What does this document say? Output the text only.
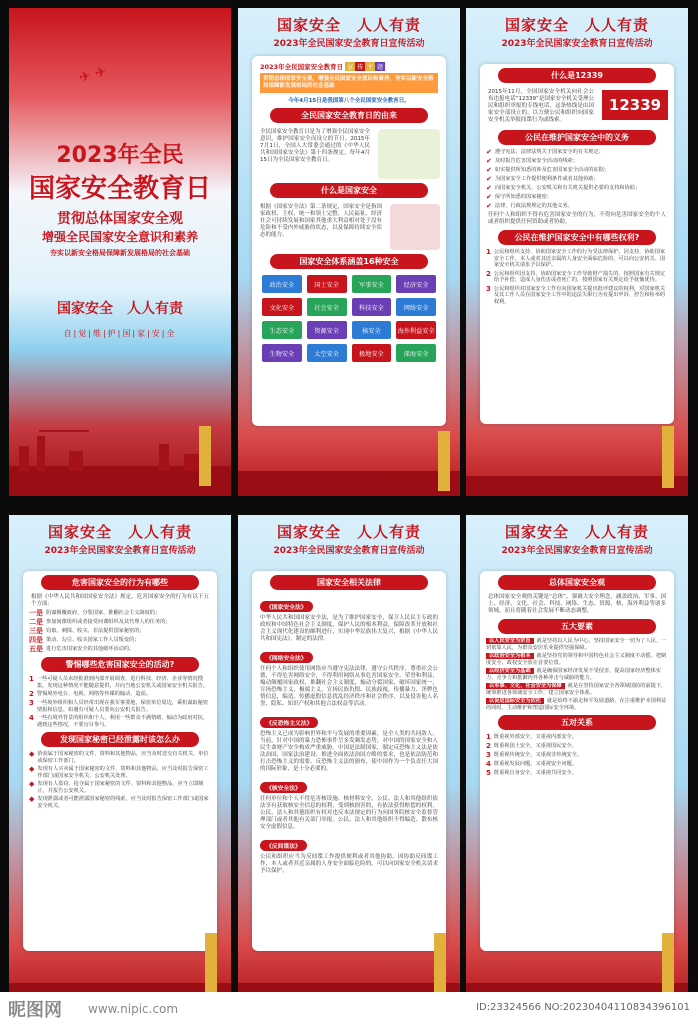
✈ ✈
2023年全民
国家安全教育日
贯彻总体国家安全观
增强全民国家安全意识和素养
夯实以新安全格局保障新发展格局的社会基础
国家安全　人人有责
自|觉|维|护|国|家|安|全
国家安全　人人有责
2023年全民国家安全教育日宣传活动
2023年全民国家安全教育日 宣 传 主 题
贯彻总体国家安全观，增强全民国家安全意识和素养，夯实以新安全格局保障新发展格局的社会基础
今年4月15日是我国第八个全民国家安全教育日。
全民国家安全教育日的由来
全民国家安全教育日是为了增强全民国家安全意识，维护国家安全而设立的节日。2015年7月1日，全国人大常委会通过的《中华人民共和国国家安全法》第十四条规定，每年4月15日为全民国家安全教育日。
什么是国家安全
根据《国家安全法》第二条规定，国家安全是指国家政权、主权、统一和领土完整、人民福祉、经济社会可持续发展和国家其他重大利益相对处于没有危险和不受内外威胁的状态，以及保障持续安全状态的能力。
国家安全体系涵盖16种安全
政治安全	国土安全	军事安全	经济安全
文化安全	社会安全	科技安全	网络安全
生态安全	资源安全	核安全	海外利益安全
生物安全	太空安全	极地安全	深海安全
国家安全　人人有责
2023年全民国家安全教育日宣传活动
什么是12339
2015年11月，全国国家安全机关向社会公布违报电话“12339”是国家安全机关受理公民和组织举报的专线电话，这条热线是由国家安全部设立的，以方便公民和组织向国家安全机关举报间谍行为或线索。
12339
公民在维护国家安全中的义务
✔ 遵守宪法、法律法规关于国家安全的有关规定；
✔ 及时报告危害国家安全活动的线索；
✔ 如实提供所知悉的涉及危害国家安全活动的证据；
✔ 为国家安全工作提供便利条件或者其他协助；
✔ 向国家安全机关、公安机关和有关机关提供必要的支持和协助；
✔ 保守所知悉的国家秘密；
✔ 法律、行政法规规定的其他义务。
任何个人和组织不得有危害国家安全的行为，不得向危害国家安全的个人或者组织提供任何资助或者协助。
公民在维护国家安全中有哪些权利?
1 公民和组织支持、协助国家安全工作的行为受法律保护。因支持、协助国家安全工作，本人或者其近亲属的人身安全面临危险的，可以向公安机关、国家安全机关请求予以保护。
2 公民和组织因支持、协助国家安全工作导致财产损失的，按照国家有关规定给予补偿；造成人身伤害或者死亡的，按照国家有关规定给予抚恤优待。
3 公民和组织对国家安全工作有向国家机关提出批评建议的权利，对国家机关及其工作人员在国家安全工作中的违法失职行为有提出申诉、控告和检举的权利。
国家安全　人人有责
2023年全民国家安全教育日宣传活动
危害国家安全的行为有哪些
根据《中华人民共和国国家安全法》规定，危害国家安全的行为有以下五个方面：
一是 阴谋颠覆政府、分裂国家、推翻社会主义制度的；
二是 参加间谍组织或者接受间谍组织及其代理人的任务的；
三是 窃取、刺探、收买、非法提供国家秘密的；
四是 策动、勾引、收买国家工作人员叛变的；
五是 进行危害国家安全的其他破坏活动的。
警惕哪些危害国家安全的活动?
1 一些可疑人员未经批准到内部开展调查，进行科技、经济、企业等情况搜集。发现这种情况不能随意提供，并向当地公安机关或国家安全机关报告。
2 警惕境外电台、电视、网络等传媒的煽动、造谣。
3 一些境外组织和人员经常出现在我军事要地，保密单位周边，乘机谋取秘密情报和信息。如遇有可疑人员要向公安机关报告。
4 一些有境外背景的组织和个人，利用一些群众不满情绪，煽动为政府对抗，遇到这些情况，不要盲目参与。
发现国家秘密已经泄露时该怎么办
◆ 拾获属于国家秘密的文件、资料和其他物品，应当及时送交有关机关、单位或保密工作部门。
◆ 发现有人买卖属于国家秘密的文件、资料和其他物品，应当及时报告保密工作部门或国家安全机关、公安机关处理。
◆ 发现有人盗窃、抢夺属于国家秘密的文件、资料和其他物品，应当立即制止，并报告公安机关。
◆ 发现泄露或者可能泄露国家秘密的线索，应当及时报告保密工作部门或国家安全机关。
国家安全　人人有责
2023年全民国家安全教育日宣传活动
国家安全相关法律
《国家安全法》
中华人民共和国国家安全法，是为了维护国家安全，保卫人民民主专政的政权和中国特色社会主义制度，保护人民的根本利益，保障改革开放和社会主义现代化建设的顺利进行，实现中华民族伟大复兴，根据《中华人民共和国宪法》，制定的法律。
《网络安全法》
任何个人和组织使用网络应当遵守宪法法律，遵守公共秩序，尊重社会公德，不得危害网络安全，不得利用网络从事危害国家安全、荣誉和利益，煽动颠覆国家政权、推翻社会主义制度，煽动分裂国家、破坏国家统一，宣扬恐怖主义、极端主义，宣扬民族仇恨、民族歧视，传播暴力、淫秽色情信息，编造、传播虚假信息扰乱经济秩序和社会秩序，以及侵害他人名誉、隐私、知识产权和其他合法权益等活动。
《反恐怖主义法》
恐怖主义已成为影响世界和平与发展的重要因素，是全人类的共同敌人。当前，针对中国的暴力恐怖事件呈多发频发态势，对中国的国家安全和人民生命财产安全构成严重威胁。中国是法制国家，制定反恐怖主义法是依法治国，国家法治建设、推进全面依法治国方略的要求，也是依法防范和打击恐怖主义的需要。反恐怖主义法的颁布，使中国作为一个负责任大国的国际形象，是十分必要的。
《核安全法》
任何单位和个人不得危害核设施、核材料安全。公民、法人和其他组织依法享有获取核安全信息的权利，受到核损害的，有依法获得赔偿的权利。公民、法人和其他组织有权对违反本法规定的行为向国务院核安全监督管理部门或者其他有关部门举报。公民、法人和其他组织不得编造、散布核安全虚假信息。
《反间谍法》
公民和组织应当为反间谍工作提供便利或者其他协助。因协助反间谍工作，本人或者其近亲属的人身安全面临危险的，可以向国家安全机关请求予以保护。
国家安全　人人有责
2023年全民国家安全教育日宣传活动
总体国家安全观
总体国家安全观的关键是“总体”，强调大安全理念，涵盖政治、军事、国土、经济、文化、社会、科技、网络、生态、资源、核、海外利益等诸多领域，而且将随着社会发展不断动态调整。
五大要素
以人民安全为宗旨 就是坚持以人民为中心，坚持国家安全一切为了人民、一切依靠人民，为群众安居乐业提供坚强保障。
以政治安全为根本 就是坚持党的领导和中国特色社会主义制度不动摇，把制度安全、政权安全放在首要位置。
以经济安全为基础 就是确保国家经济发展不受侵害，提高国家经济整体实力、竞争力和抵御内外各种冲击与威胁的能力。
以军事、文化、社会安全为保障 就是在坚持国家安全各领域国防的前提下，统筹推进各领域安全工作，建立国家安全体系。
以促进国际安全为依托 就是始终不渝走和平发展道路，在注重维护本国利益的同时，主动维护和塑造国际安全环境。
五对关系
1 既重视外部安全，又重视内部安全。
2 既重视国土安全，又重视国民安全。
3 既重视传统安全，又重视非传统安全。
4 既重视发展问题，又重视安全问题。
5 既重视自身安全，又重视共同安全。
昵图网 www.nipic.com	ID:23324566 NO:20230404110834396101
